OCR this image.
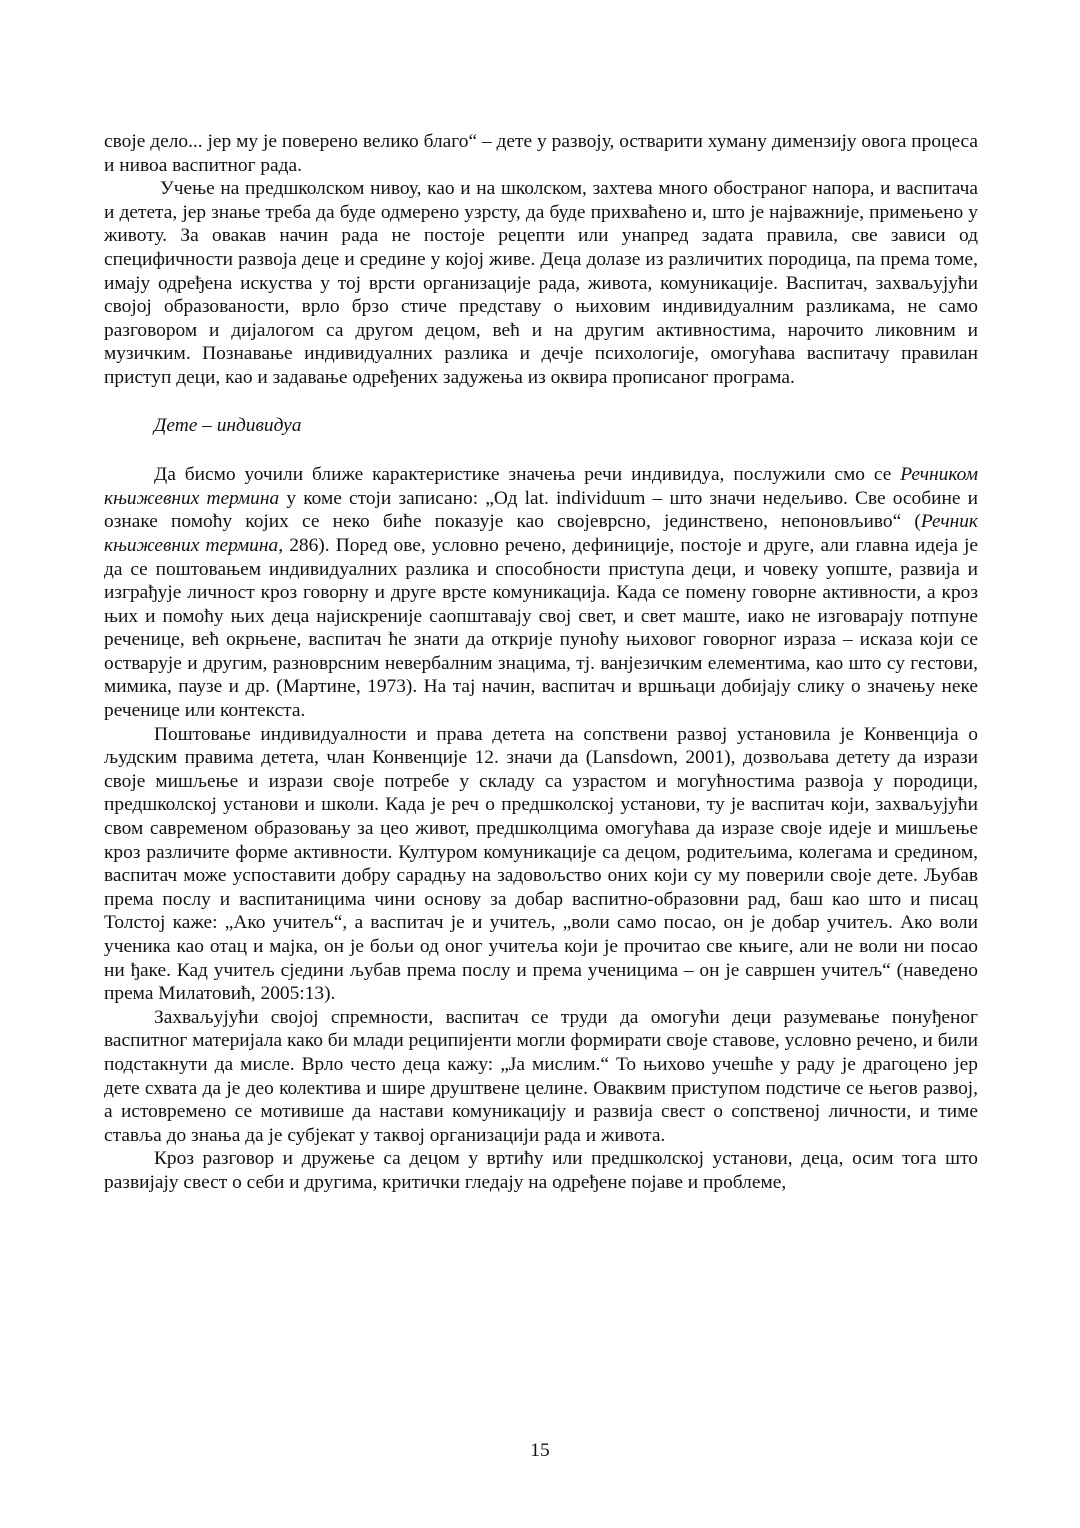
своје дело... јер му је поверено велико благо“ – дете у развоју, остварити хуману димензију овога процеса и нивоа васпитног рада.

Учење на предшколском нивоу, као и на школском, захтева много обостраног напора, и васпитача и детета, јер знање треба да буде одмерено узрсту, да буде прихваћено и, што је најважније, примењено у животу. За овакав начин рада не постоје рецепти или унапред задата правила, све зависи од специфичности развоја деце и средине у којој живе. Деца долазе из различитих породица, па према томе, имају одређена искуства у тој врсти организације рада, живота, комуникације. Васпитач, захваљујући својој образованости, врло брзо стиче представу о њиховим индивидуалним разликама, не само разговором и дијалогом са другом децом, већ и на другим активностима, нарочито ликовним и музичким. Познавање индивидуалних разлика и дечје психологије, омогућава васпитачу правилан приступ деци, као и задавање одређених задужења из оквира прописаног програма.

Дете – индивидуа

Да бисмо уочили ближе карактеристике значења речи индивидуа, послужили смо се Речником књижевних термина у коме стоји записано: „Од lat. individuum – што значи недељиво. Све особине и ознаке помоћу којих се неко биће показује као својеврсно, јединствено, непоновљиво“ (Речник књижевних термина, 286). Поред ове, условно речено, дефиниције, постоје и друге, али главна идеја је да се поштовањем индивидуалних разлика и способности приступа деци, и човеку уопште, развија и изграђује личност кроз говорну и друге врсте комуникација. Када се помену говорне активности, а кроз њих и помоћу њих деца најискреније саопштавају свој свет, и свет маште, иако не изговарају потпуне реченице, већ окрњене, васпитач ће знати да открије пуноћу њиховог говорног израза – исказа који се остварује и другим, разноврсним невербалним знацима, тј. ванјезичким елементима, као што су гестови, мимика, паузе и др. (Мартине, 1973). На тај начин, васпитач и вршњаци добијају слику о значењу неке реченице или контекста.

Поштовање индивидуалности и права детета на сопствени развој установила је Конвенција о људским правима детета, члан Конвенције 12. значи да (Lansdown, 2001), дозвољава детету да изрази своје мишљење и изрази своје потребе у складу са узрастом и могућностима развоја у породици, предшколској установи и школи. Када је реч о предшколској установи, ту је васпитач који, захваљујући свом савременом образовању за цео живот, предшколцима омогућава да изразе своје идеје и мишљење кроз различите форме активности. Културом комуникације са децом, родитељима, колегама и средином, васпитач може успоставити добру сарадњу на задовољство оних који су му поверили своје дете. Љубав према послу и васпитаницима чини основу за добар васпитно-образовни рад, баш као што и писац Толстој каже: „Ако учитељ“, а васпитач је и учитељ, „воли само посао, он је добар учитељ. Ако воли ученика као отац и мајка, он је бољи од оног учитеља који је прочитао све књиге, али не воли ни посао ни ђаке. Кад учитељ сједини љубав према послу и према ученицима – он је савршен учитељ“ (наведено према Милатовић, 2005:13).

Захваљујући својој спремности, васпитач се труди да омогући деци разумевање понуђеног васпитног материјала како би млади реципијенти могли формирати своје ставове, условно речено, и били подстакнути да мисле. Врло често деца кажу: „Ја мислим.“ То њихово учешће у раду је драгоцено јер дете схвата да је део колектива и шире друштвене целине. Оваквим приступом подстиче се његов развој, а истовремено се мотивише да настави комуникацију и развија свест о сопственој личности, и тиме стављa до знања да је субјекат у таквој организацији рада и живота.

Кроз разговор и дружење са децом у вртићу или предшколској установи, деца, осим тога што развијају свест о себи и другима, критички гледају на одређене појаве и проблеме,

15
